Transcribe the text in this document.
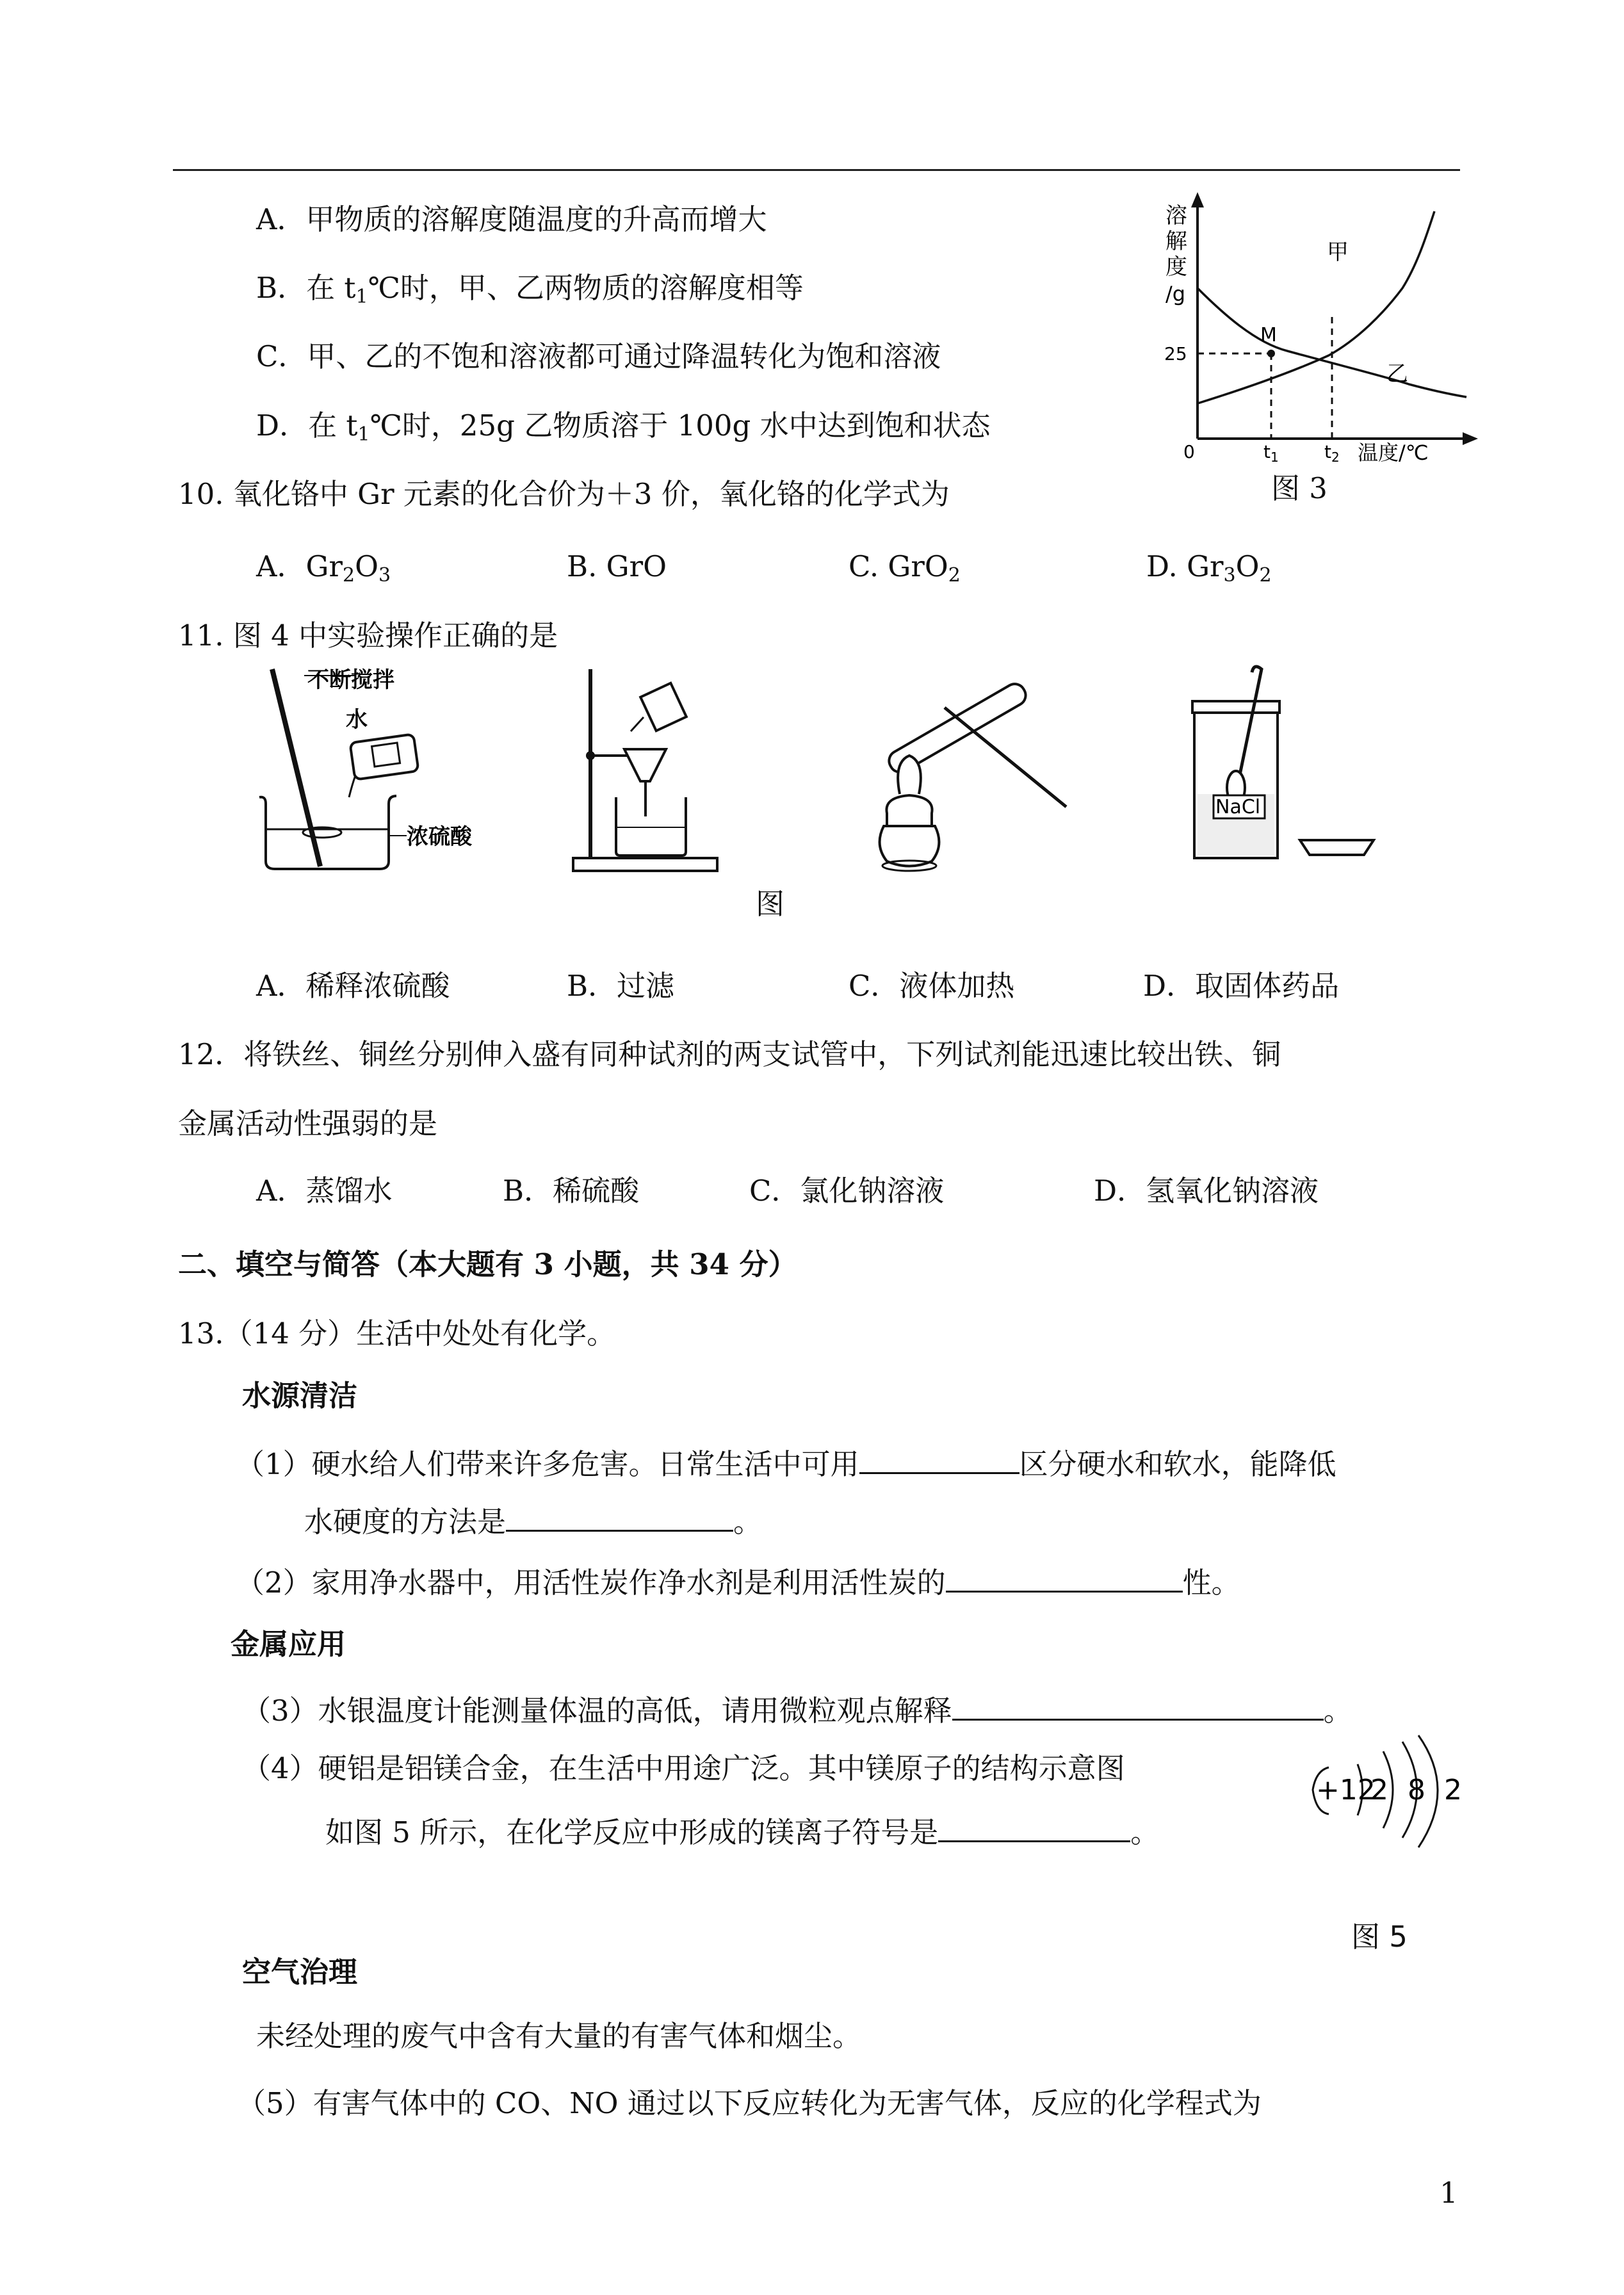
A．甲物质的溶解度随温度的升高而增大
B．在 $t_1℃$时，甲、乙两物质的溶解度相等
C．甲、乙的不饱和溶液都可通过降温转化为饱和溶液
D．在 $t_1℃$时，25g 乙物质溶于 100g 水中达到饱和状态
溶
解
度
/g
M
甲
乙
25
0	$t_1$	$t_2$ 温度/℃
图 3
10. 氧化铬中 Gr 元素的化合价为＋3 价，氧化铬的化学式为
A．$Gr_2O_3$	B. GrO	C. GrO$_2$	D. $Gr_3O_2$
11. 图 4 中实验操作正确的是
不断搅拌
水
浓硫酸
NaCl
图
A．稀释浓硫酸	B．过滤	C．液体加热	D．取固体药品
12．将铁丝、铜丝分别伸入盛有同种试剂的两支试管中，下列试剂能迅速比较出铁、铜
金属活动性强弱的是
A．蒸馏水	B．稀硫酸	C．氯化钠溶液	D．氢氧化钠溶液
二、填空与简答（本大题有 3 小题，共 34 分）
13.（14 分）生活中处处有化学。
水源清洁
（1）硬水给人们带来许多危害。日常生活中可用	区分硬水和软水，能降低
水硬度的方法是	。
（2）家用净水器中，用活性炭作净水剂是利用活性炭的	性。
金属应用
（3）水银温度计能测量体温的高低，请用微粒观点解释	。
（4）硬铝是铝镁合金，在生活中用途广泛。其中镁原子的结构示意图
如图 5 所示，在化学反应中形成的镁离子符号是	。
+12
2 8 2
图 5
空气治理
未经处理的废气中含有大量的有害气体和烟尘。
（5）有害气体中的 CO、NO 通过以下反应转化为无害气体，反应的化学程式为
1
